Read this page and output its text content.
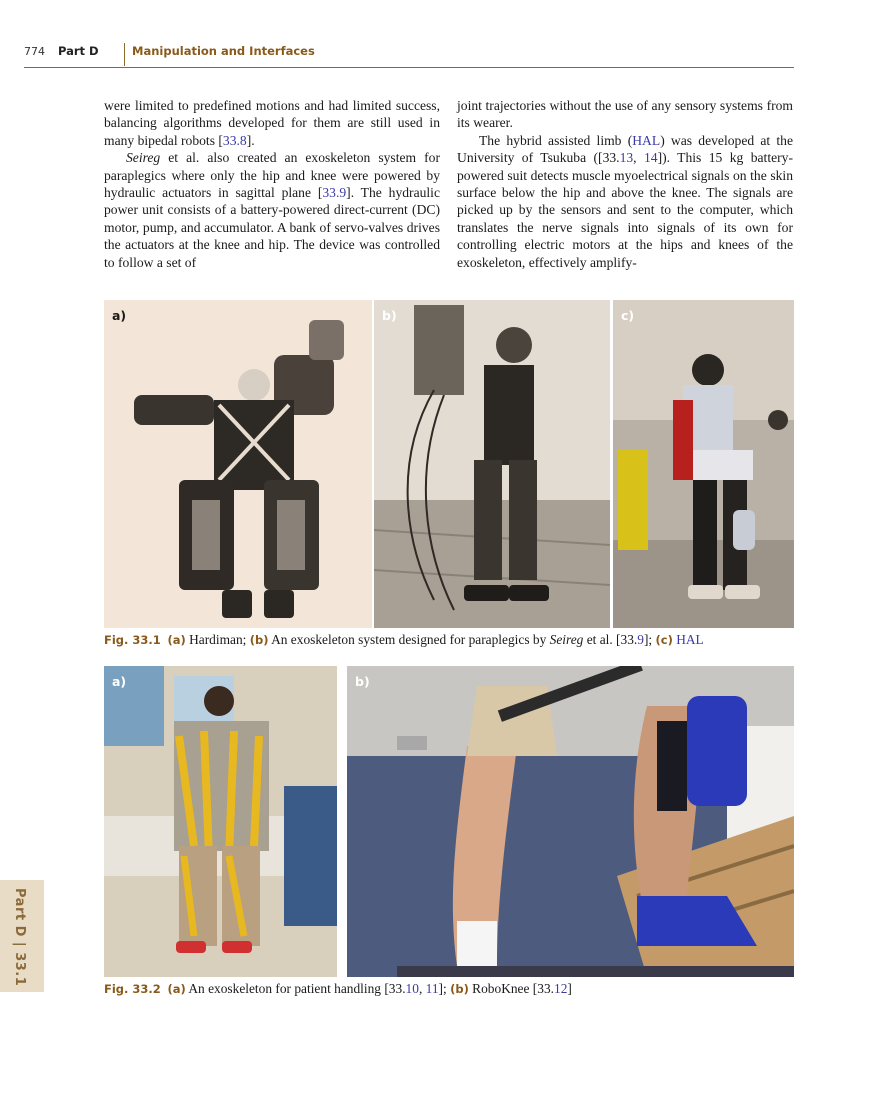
774 Part D	Manipulation and Interfaces

were limited to predefined motions and had limited success, balancing algorithms developed for them are still used in many bipedal robots [33.8].

Seireg et al. also created an exoskeleton system for paraplegics where only the hip and knee were powered by hydraulic actuators in sagittal plane [33.9]. The hydraulic power unit consists of a battery-powered direct-current (DC) motor, pump, and accumulator. A bank of servo-valves drives the actuators at the knee and hip. The device was controlled to follow a set of

joint trajectories without the use of any sensory systems from its wearer.

The hybrid assisted limb (HAL) was developed at the University of Tsukuba ([33.13, 14]). This 15 kg battery-powered suit detects muscle myoelectrical signals on the skin surface below the hip and above the knee. The signals are picked up by the sensors and sent to the computer, which translates the nerve signals into signals of its own for controlling electric motors at the hips and knees of the exoskeleton, effectively amplify-

a)	b)	c)
Fig. 33.1 (a) Hardiman; (b) An exoskeleton system designed for paraplegics by Seireg et al. [33.9]; (c) HAL
a)	b)
Fig. 33.2 (a) An exoskeleton for patient handling [33.10, 11]; (b) RoboKnee [33.12]
Part D | 33.1
